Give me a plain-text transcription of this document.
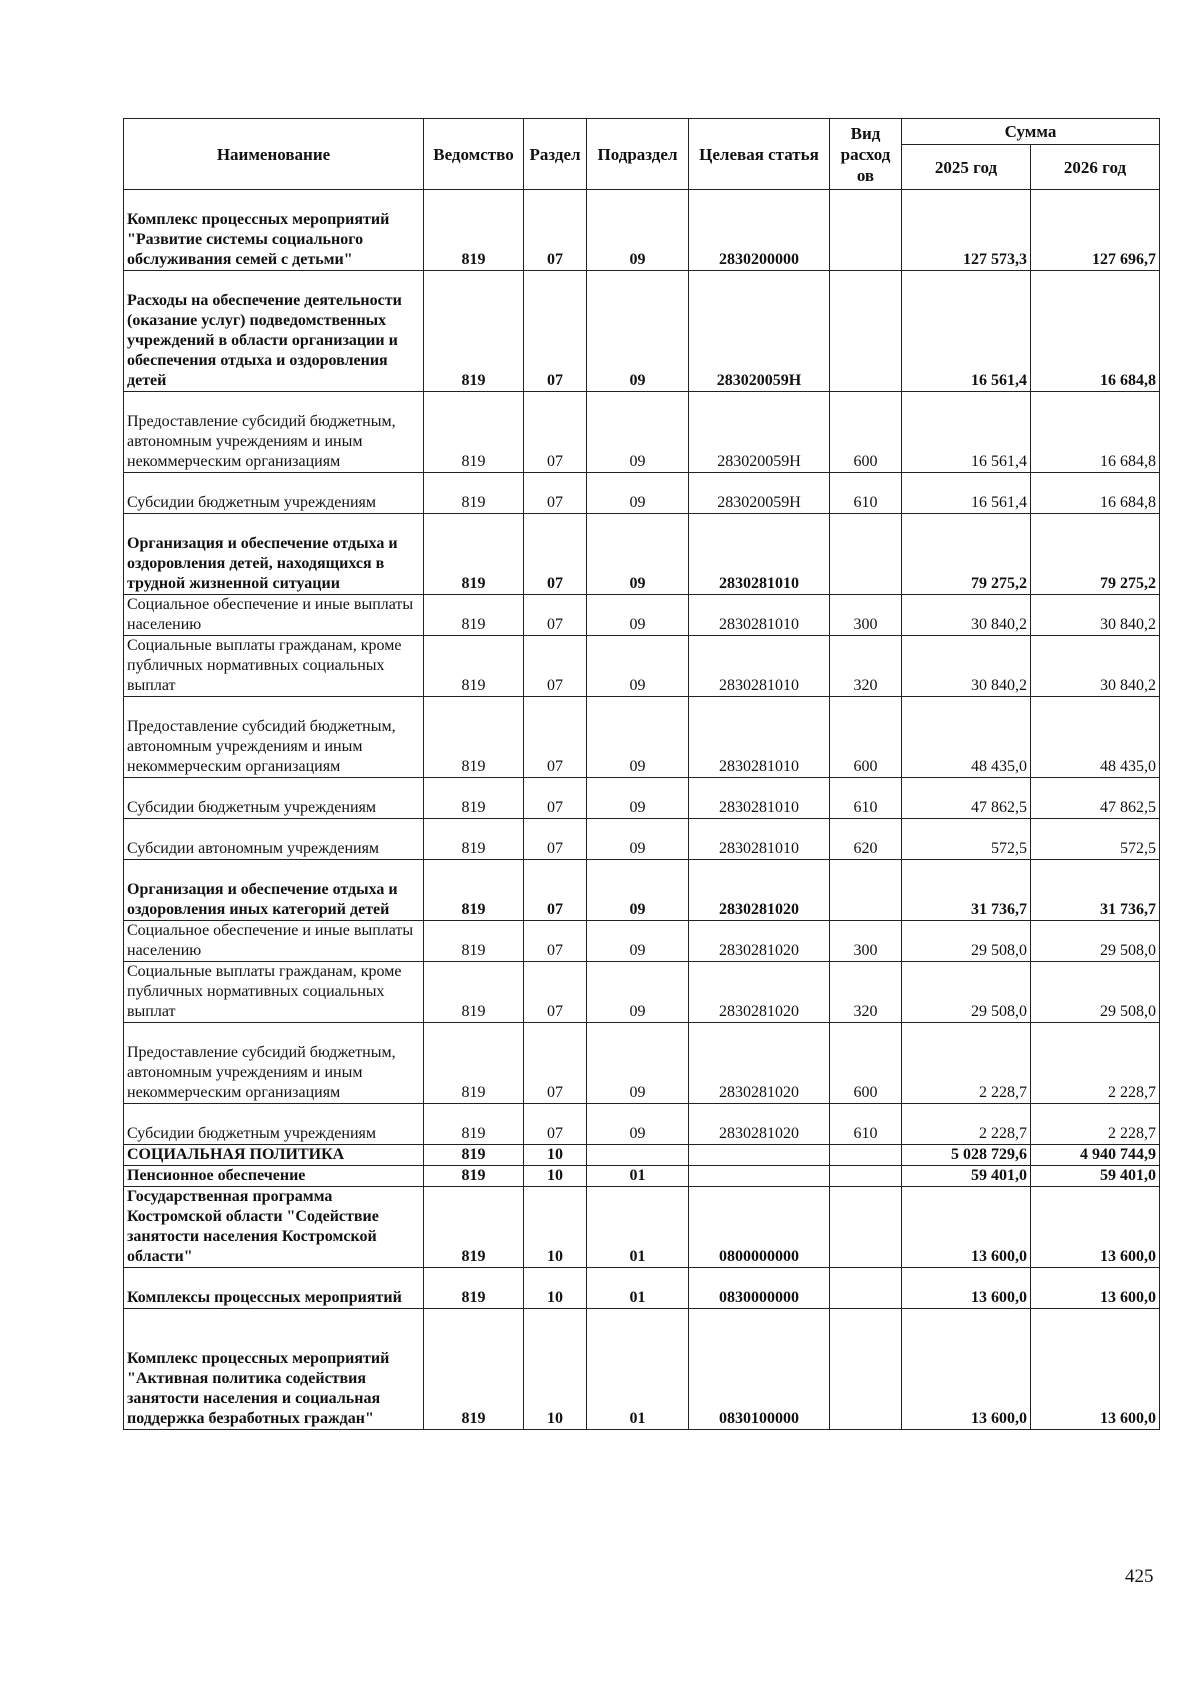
Наименование	Ведомство	Раздел	Подраздел	Целевая статья	Вид расход ов	Сумма	
						2025 год	2026 год
Комплекс процессных мероприятий "Развитие системы социального обслуживания семей с детьми"	819	07	09	2830200000		127 573,3	127 696,7
Расходы на обеспечение деятельности (оказание услуг) подведомственных учреждений в области организации и обеспечения отдыха и оздоровления детей	819	07	09	283020059Н		16 561,4	16 684,8
Предоставление субсидий бюджетным, автономным учреждениям и иным некоммерческим организациям	819	07	09	283020059Н	600	16 561,4	16 684,8
Субсидии бюджетным учреждениям	819	07	09	283020059Н	610	16 561,4	16 684,8
Организация и обеспечение отдыха и оздоровления детей, находящихся в трудной жизненной ситуации	819	07	09	2830281010		79 275,2	79 275,2
Социальное обеспечение и иные выплаты населению	819	07	09	2830281010	300	30 840,2	30 840,2
Социальные выплаты гражданам, кроме публичных нормативных социальных выплат	819	07	09	2830281010	320	30 840,2	30 840,2
Предоставление субсидий бюджетным, автономным учреждениям и иным некоммерческим организациям	819	07	09	2830281010	600	48 435,0	48 435,0
Субсидии бюджетным учреждениям	819	07	09	2830281010	610	47 862,5	47 862,5
Субсидии автономным учреждениям	819	07	09	2830281010	620	572,5	572,5
Организация и обеспечение отдыха и оздоровления иных категорий детей	819	07	09	2830281020		31 736,7	31 736,7
Социальное обеспечение и иные выплаты населению	819	07	09	2830281020	300	29 508,0	29 508,0
Социальные выплаты гражданам, кроме публичных нормативных социальных выплат	819	07	09	2830281020	320	29 508,0	29 508,0
Предоставление субсидий бюджетным, автономным учреждениям и иным некоммерческим организациям	819	07	09	2830281020	600	2 228,7	2 228,7
Субсидии бюджетным учреждениям	819	07	09	2830281020	610	2 228,7	2 228,7
СОЦИАЛЬНАЯ ПОЛИТИКА	819	10				5 028 729,6	4 940 744,9
Пенсионное обеспечение	819	10	01			59 401,0	59 401,0
Государственная программа Костромской области "Содействие занятости населения Костромской области"	819	10	01	0800000000		13 600,0	13 600,0
Комплексы процессных мероприятий	819	10	01	0830000000		13 600,0	13 600,0
Комплекс процессных мероприятий "Активная политика содействия занятости населения и социальная поддержка безработных граждан"	819	10	01	0830100000		13 600,0	13 600,0
425
